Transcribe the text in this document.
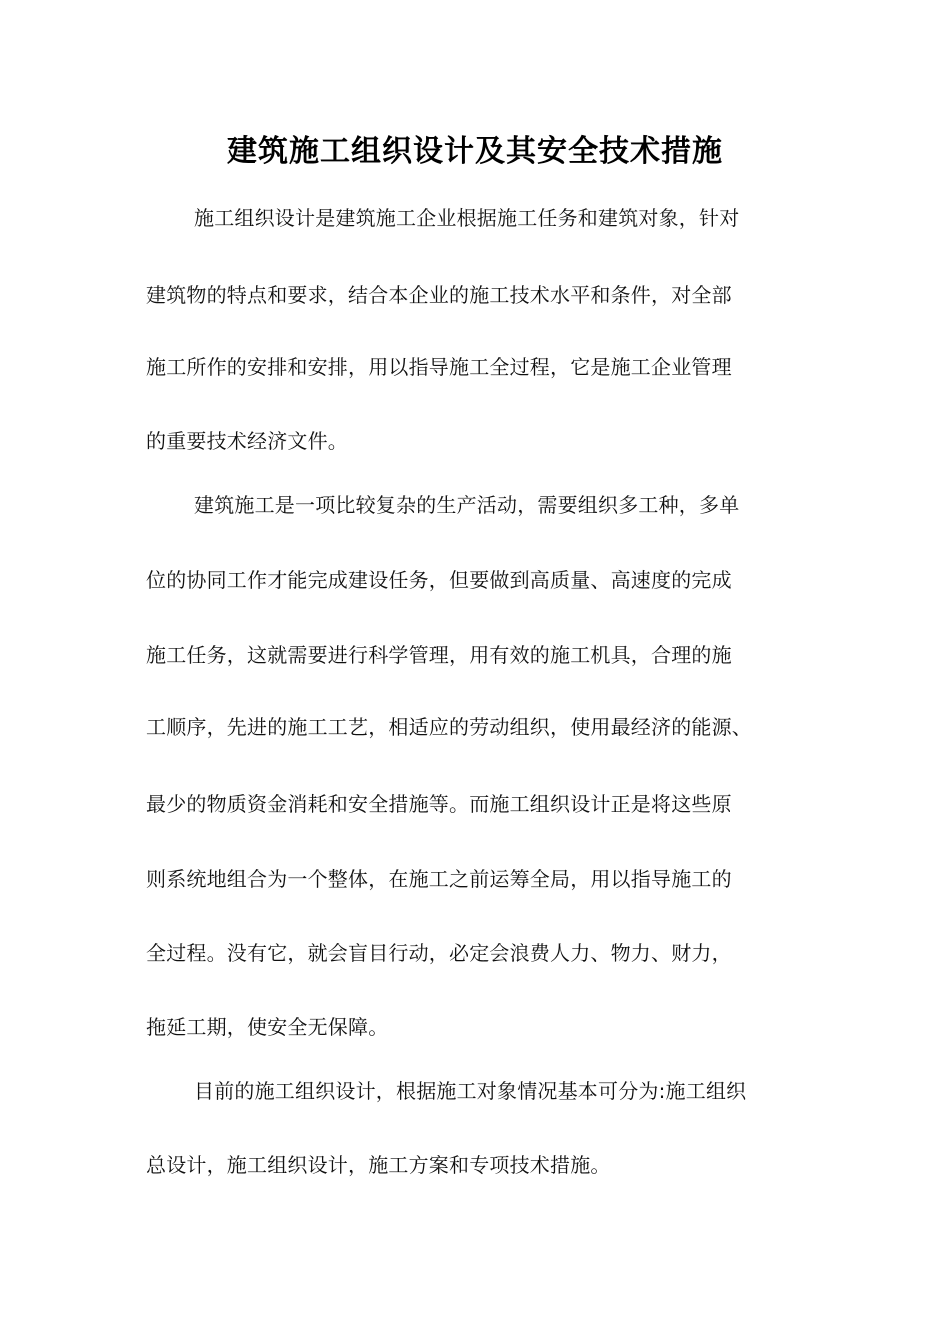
建筑施工组织设计及其安全技术措施
施工组织设计是建筑施工企业根据施工任务和建筑对象，针对
建筑物的特点和要求，结合本企业的施工技术水平和条件，对全部
施工所作的安排和安排，用以指导施工全过程，它是施工企业管理
的重要技术经济文件。
建筑施工是一项比较复杂的生产活动，需要组织多工种，多单
位的协同工作才能完成建设任务，但要做到高质量、高速度的完成
施工任务，这就需要进行科学管理，用有效的施工机具，合理的施
工顺序，先进的施工工艺，相适应的劳动组织，使用最经济的能源、
最少的物质资金消耗和安全措施等。而施工组织设计正是将这些原
则系统地组合为一个整体，在施工之前运筹全局，用以指导施工的
全过程。没有它，就会盲目行动，必定会浪费人力、物力、财力，
拖延工期，使安全无保障。
目前的施工组织设计，根据施工对象情况基本可分为:施工组织
总设计，施工组织设计，施工方案和专项技术措施。
